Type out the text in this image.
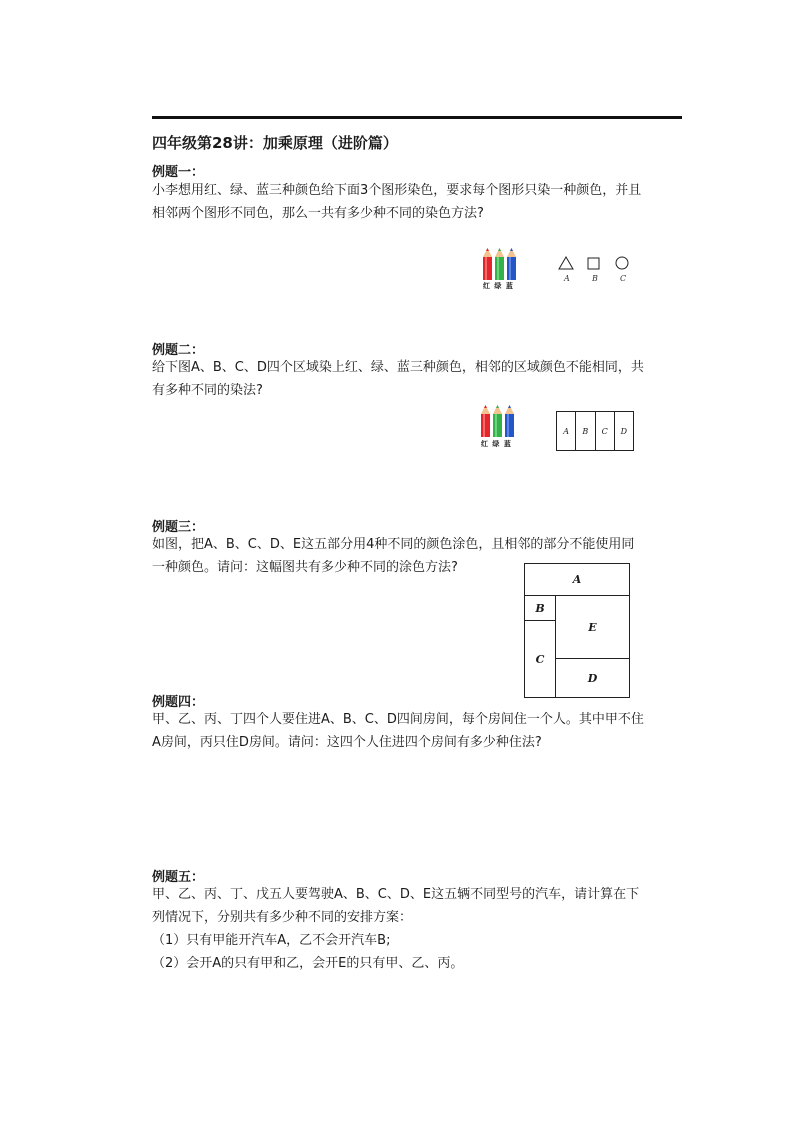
四年级第28讲：加乘原理（进阶篇）
例题一：
小李想用红、绿、蓝三种颜色给下面3个图形染色，要求每个图形只染一种颜色，并且
相邻两个图形不同色，那么一共有多少种不同的染色方法?
红 绿 蓝
A	B	C
例题二：
给下图A、B、C、D四个区域染上红、绿、蓝三种颜色，相邻的区域颜色不能相同，共
有多种不同的染法?
红 绿 蓝
A	B	C	D
例题三：
如图，把A、B、C、D、E这五部分用4种不同的颜色涂色，且相邻的部分不能使用同
一种颜色。请问：这幅图共有多少种不同的涂色方法?
A
B
C
E
D
例题四：
甲、乙、丙、丁四个人要住进A、B、C、D四间房间，每个房间住一个人。其中甲不住
A房间，丙只住D房间。请问：这四个人住进四个房间有多少种住法?
例题五：
甲、乙、丙、丁、戊五人要驾驶A、B、C、D、E这五辆不同型号的汽车，请计算在下
列情况下，分别共有多少种不同的安排方案：
（1）只有甲能开汽车A，乙不会开汽车B;
（2）会开A的只有甲和乙，会开E的只有甲、乙、丙。
